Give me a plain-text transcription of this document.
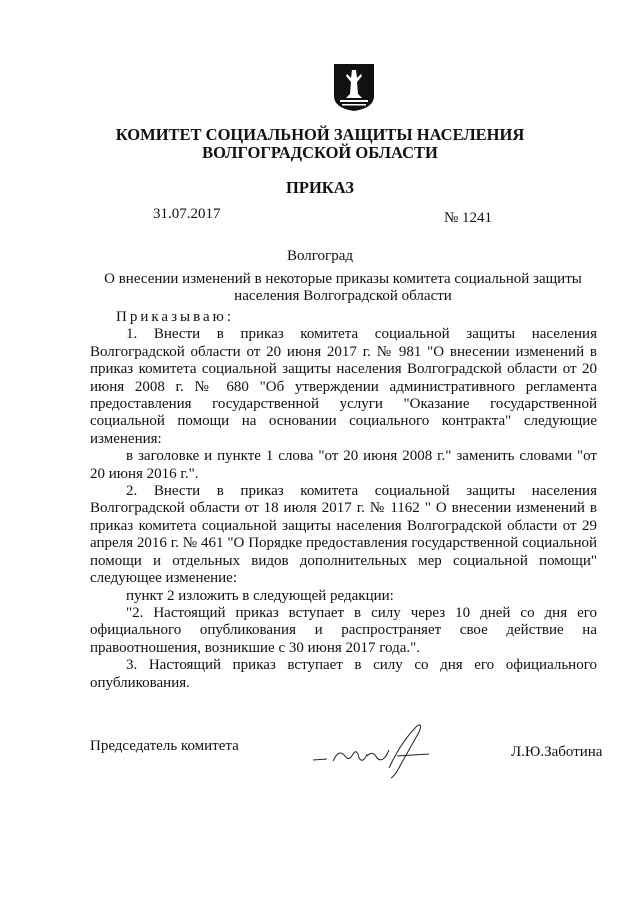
КОМИТЕТ СОЦИАЛЬНОЙ ЗАЩИТЫ НАСЕЛЕНИЯ
ВОЛГОГРАДСКОЙ ОБЛАСТИ
ПРИКАЗ
31.07.2017	№ 1241
Волгоград
О внесении изменений в некоторые приказы комитета социальной защиты населения Волгоградской области

Приказываю:

1. Внести в приказ комитета социальной защиты населения Волгоградской области от 20 июня 2017 г. № 981 "О внесении изменений в приказ комитета социальной защиты населения Волгоградской области от 20 июня 2008 г. № 680 "Об утверждении административного регламента предоставления государственной услуги "Оказание государственной социальной помощи на основании социального контракта" следующие изменения:

в заголовке и пункте 1 слова "от 20 июня 2008 г." заменить словами "от 20 июня 2016 г.".

2. Внести в приказ комитета социальной защиты населения Волгоградской области от 18 июля 2017 г. № 1162 " О внесении изменений в приказ комитета социальной защиты населения Волгоградской области от 29 апреля 2016 г. № 461 "О Порядке предоставления государственной социальной помощи и отдельных видов дополнительных мер социальной помощи" следующее изменение:

пункт 2 изложить в следующей редакции:

"2. Настоящий приказ вступает в силу через 10 дней со дня его официального опубликования и распространяет свое действие на правоотношения, возникшие с 30 июня 2017 года.".

3. Настоящий приказ вступает в силу со дня его официального опубликования.

Председатель комитета	Л.Ю.Заботина
